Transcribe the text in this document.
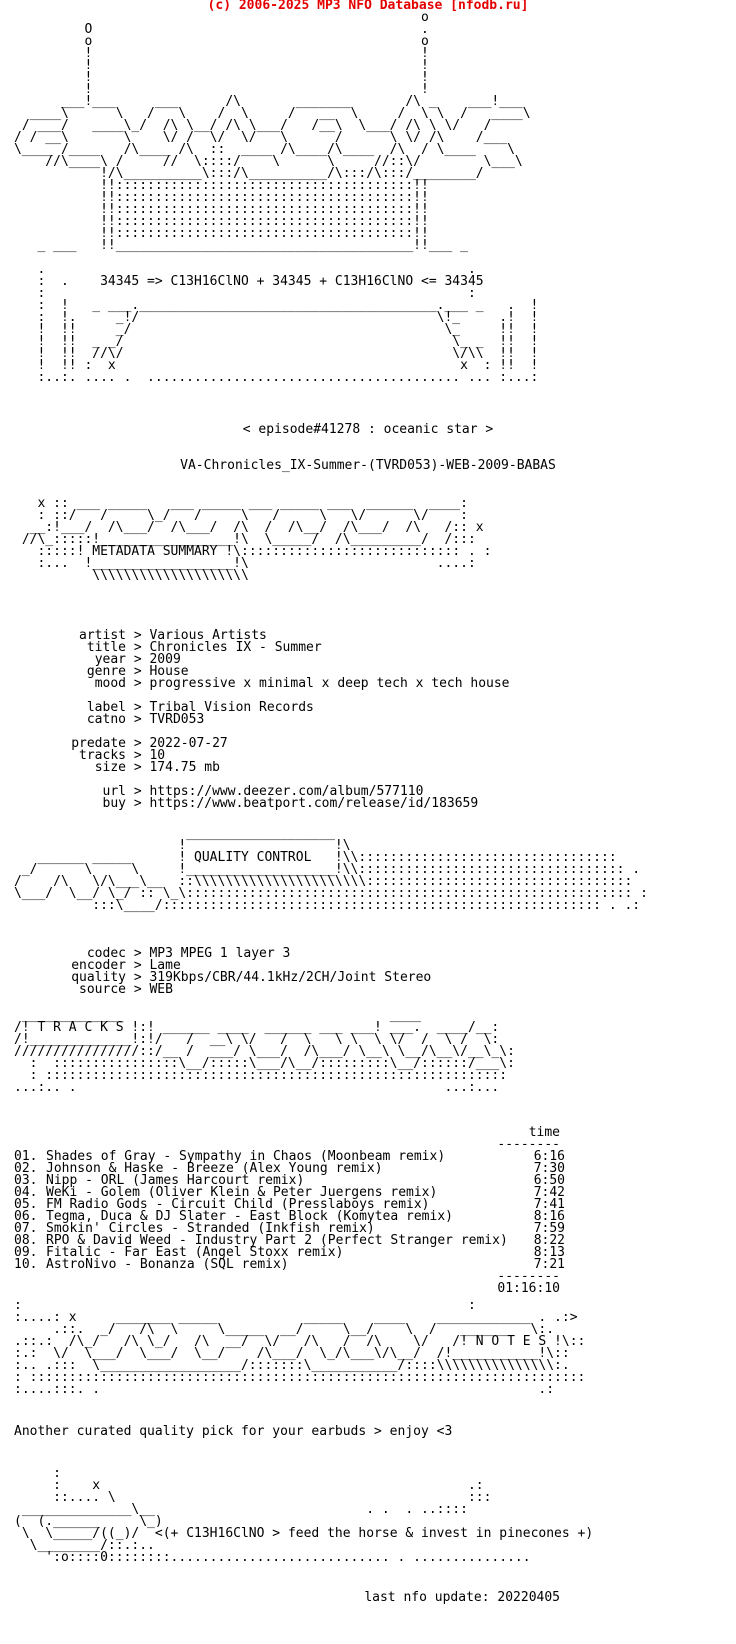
(c) 2006-2025 MP3 NFO Database [nfodb.ru]
o
O                                          .
o                                          o
!                                          !
!                                          !
!                                          !
!                                          !
___!___     ___      /\       _______       /\ _    ___!___
____\      \   /   \    /  \     /   __  \     /  \ \  /   ____\
/ ___/   ____\_/  /\ \__/ /\ \___/   /__\  \___/ /\ \ \/   /
/ / __\       \    \/ /  \/  \/   \      /      \ \/ /\    /___
\____ /____   /\____ /\  ::  ____ /\____/\____  /\  / \____    \
//\____\ /     //  \::::/    \      \     //::\/        \___\
!/\__________\:::/\__________/\:::/\:::/________/
!!::::::::::::::::::::::::::::::::::::::!!
!!::::::::::::::::::::::::::::::::::::::!!
!!::::::::::::::::::::::::::::::::::::::!!
!!::::::::::::::::::::::::::::::::::::::!!
!!::::::::::::::::::::::::::::::::::::::!!
_ ___   !!______________________________________!!___ _

.                                                      .
:  .    34345 => C13H16ClNO + 34345 + C13H16ClNO <= 34345
:                                                      :
:  !   _ ___.______________________________________.___ _   .  !
:  !.     _!/                                      \!_     .!  !
!  !!     _/                                        \_     !!  !
!  !!  _ _/                                          \_ _  !!  !
!  !!  //\/                                          \/\\  !!  !
!  !! :  x                                            x  : !!  !
:..:. .... .  ........................................ ... :...:
< episode#41278 : oceanic star >
VA-Chronicles_IX-Summer-(TVRD053)-WEB-2009-BABAS
x :: ___ _____   ___ _____ ___ _____ ___  ______  ____:
: ::/   /     \_/   /     \   /     \   \/      \/    :
__:!___/  /\___/  /\___/  /\  /  /\__/  /\___/  /\   /:: x
//\_:::::!_________________!\  \_____/  /\_________/  /:::
:::::! METADATA SUMMARY !\:::::::::::::::::::::::::::: . :
:...  !__________________!\                        ....:
\\\\\\\\\\\\\\\\\\\\
artist > Various Artists
title > Chronicles IX - Summer
year > 2009
genre > House
mood > progressive x minimal x deep tech x tech house
label > Tribal Vision Records
catno > TVRD053
predate > 2022-07-27
tracks > 10
size > 174.75 mb
url > https://www.deezer.com/album/577110
buy > https://www.beatport.com/release/id/183659
___________________
!                   !\
______ _____      ! QUALITY CONTROL   !\\:::::::::::::::::::::::::::::::::
_/      \     \     !___________________!\\:::::::::::::::::::::::::::::::::: .
/    /\   \/\___\__  ::\\\\\\\\\\\\\\\\\\\\\\::::::::::::::::::::::::::::::::::
\___/  \__/ \_/ :: \_\::::::::::::::::::::::::::::::::::::::::::::::::::::::::: :
:::\____/:::::::::::::::::::::::::::::::::::::::::::::::::::::::: . .:
codec > MP3 MPEG 1 layer 3
encoder > Lame
quality > 319Kbps/CBR/44.1kHz/2CH/Joint Stereo
source > WEB
_____________                                  ____
/! T R A C K S !:! ______ ____  ______ ___ ___! ___.  ____/__:
/!_____________!:!/   /  __\ \/   /  \   \ \  \ \/  /  \ /  \:
////////////////::/__ /  ___/ \___/  /\___/ \__\ \__/\__\/__\_\:
:  ::::::::::::::::\__/:::::\___/\__/:::::::::\__/::::::/___\:
: :::::::::::::::::::::::::::::::::::::::::::::::::::::::::::
...:.. .                                               ...:...
time
--------
01. Shades of Gray - Sympathy in Chaos (Moonbeam remix)	6:16
02. Johnson & Haske - Breeze (Alex Young remix)	7:30
03. Nipp - ORL (James Harcourt remix)	6:50
04. WeKi - Golem (Oliver Klein & Peter Juergens remix)	7:42
05. FM Radio Gods - Circuit Child (Presslaboys remix)	7:41
06. Tegma, Duca & DJ Slater - East Block (Komytea remix)	8:16
07. Smokin' Circles - Stranded (Inkfish remix)	7:59
08. RPO & David Weed - Industry Part 2 (Perfect Stranger remix) 8:22
09. Fitalic - Far East (Angel Stoxx remix)	8:13
10. AstroNivo - Bonanza (SQL remix)	7:21
--------
01:16:10
:                                                         :
:....: x     _______ _____           _____    ____    ____________ . .:>
.::.  _/   /\  \     \_____  __/     \__/    \  /   ______   \:.
.::.:  /\_/   /\ \_/   /\  __/  \/   /\   /  /\    \/   /! N O T E S !\::
:.:  \/  \___/  \___/  \__/    /\___/  \_/\___\/\__/  /!___________!\::
:.. .:::  \__________________/:::::::\___________/::::\\\\\\\\\\\\\\\:.
: :::::::::::::::::::::::::::::::::::::::::::::::::::::::::::::::::::::::
:....:::. .                                                        .:
Another curated quality pick for your earbuds > enjoy <3
:
:    x                                               .:
::.... \                                             :::
______________\__                           . .  . ..::::
(  (.______     \_)
\  \_____/((_)/  <(+ C13H16ClNO > feed the horse & invest in pinecones +)
\________/::.:..
':o::::0::::::::............................ . ...............
last nfo update: 20220405
